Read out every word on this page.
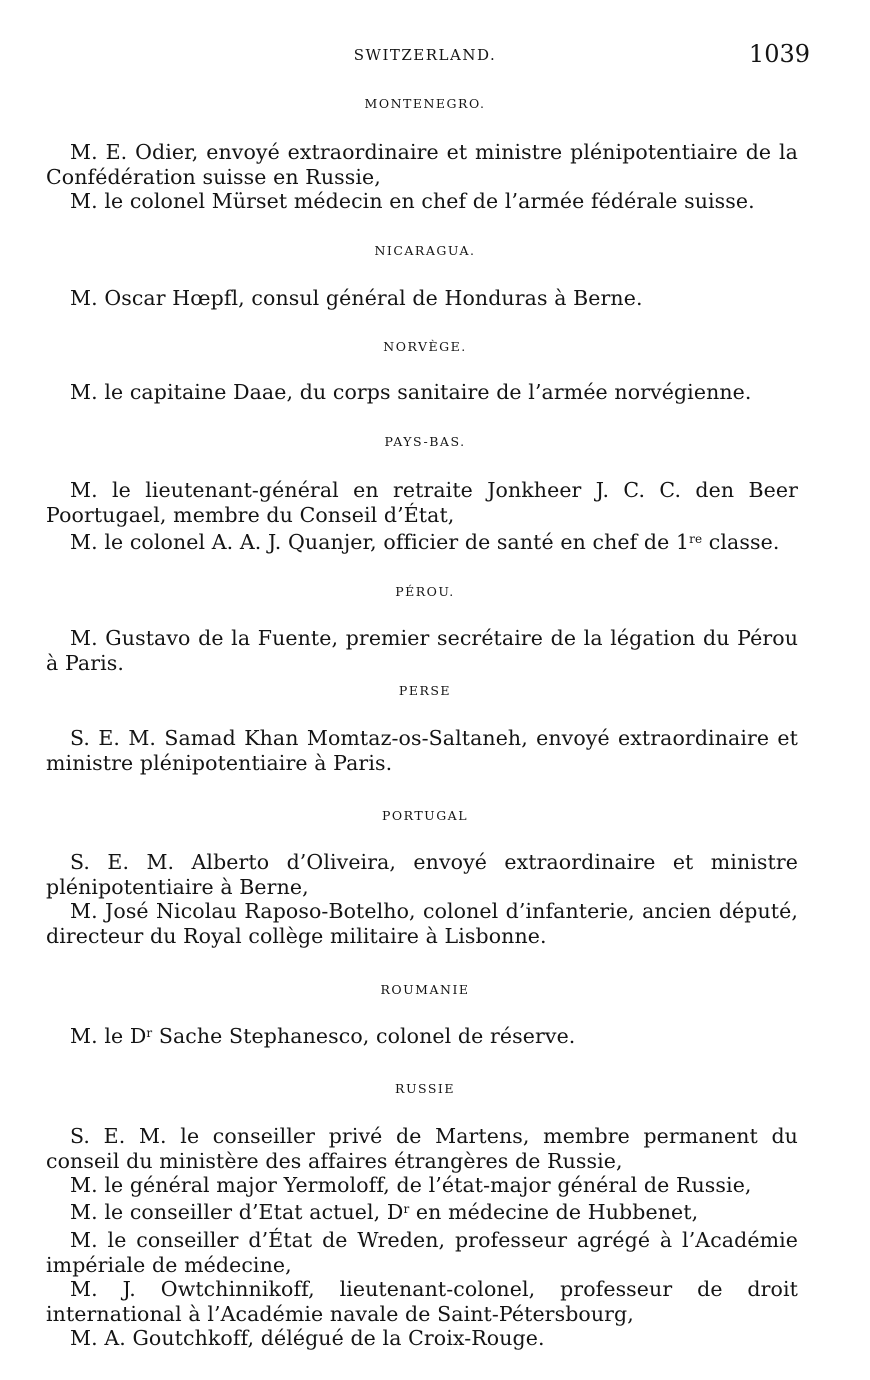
SWITZERLAND.	1039
MONTENEGRO.

M. E. Odier, envoyé extraordinaire et ministre plénipotentiaire de la Confédération suisse en Russie,

M. le colonel Mürset médecin en chef de l’armée fédérale suisse.

NICARAGUA.

M. Oscar Hœpfl, consul général de Honduras à Berne.

NORVÈGE.

M. le capitaine Daae, du corps sanitaire de l’armée norvégienne.

PAYS-BAS.

M. le lieutenant-général en retraite Jonkheer J. C. C. den Beer Poortugael, membre du Conseil d’État,

M. le colonel A. A. J. Quanjer, officier de santé en chef de 1re classe.

PÉROU.

M. Gustavo de la Fuente, premier secrétaire de la légation du Pérou à Paris.

PERSE

S. E. M. Samad Khan Momtaz-os-Saltaneh, envoyé extraordinaire et ministre plénipotentiaire à Paris.

PORTUGAL

S. E. M. Alberto d’Oliveira, envoyé extraordinaire et ministre plénipotentiaire à Berne,

M. José Nicolau Raposo-Botelho, colonel d’infanterie, ancien député, directeur du Royal collège militaire à Lisbonne.

ROUMANIE

M. le $D^r$ Sache Stephanesco, colonel de réserve.

RUSSIE

S. E. M. le conseiller privé de Martens, membre permanent du conseil du ministère des affaires étrangères de Russie,

M. le général major Yermoloff, de l’état-major général de Russie,

M. le conseiller d’Etat actuel, $D^r$ en médecine de Hubbenet,

M. le conseiller d’État de Wreden, professeur agrégé à l’Académie impériale de médecine,

M. J. Owtchinnikoff, lieutenant-colonel, professeur de droit international à l’Académie navale de Saint-Pétersbourg,

M. A. Goutchkoff, délégué de la Croix-Rouge.
